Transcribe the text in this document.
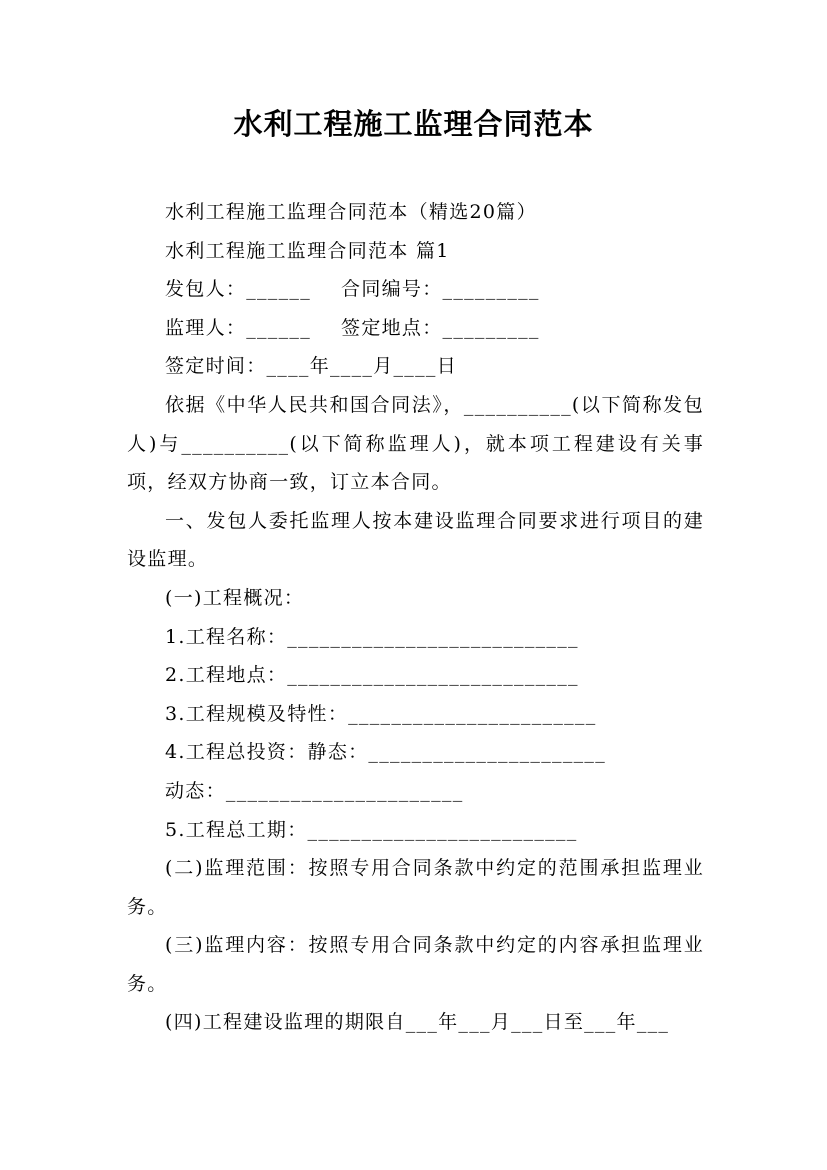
水利工程施工监理合同范本

水利工程施工监理合同范本（精选20篇）

水利工程施工监理合同范本 篇1

发包人：______ 合同编号：_________

监理人：______ 签定地点：_________

签定时间：____年____月____日

依据《中华人民共和国合同法》，__________(以下简称发包人)与__________(以下简称监理人)，就本项工程建设有关事项，经双方协商一致，订立本合同。

一、发包人委托监理人按本建设监理合同要求进行项目的建设监理。

(一)工程概况：

1.工程名称：___________________________

2.工程地点：___________________________

3.工程规模及特性：_______________________

4.工程总投资：静态：______________________

动态：______________________

5.工程总工期：_________________________

(二)监理范围：按照专用合同条款中约定的范围承担监理业务。

(三)监理内容：按照专用合同条款中约定的内容承担监理业务。

(四)工程建设监理的期限自___年___月___日至___年___
